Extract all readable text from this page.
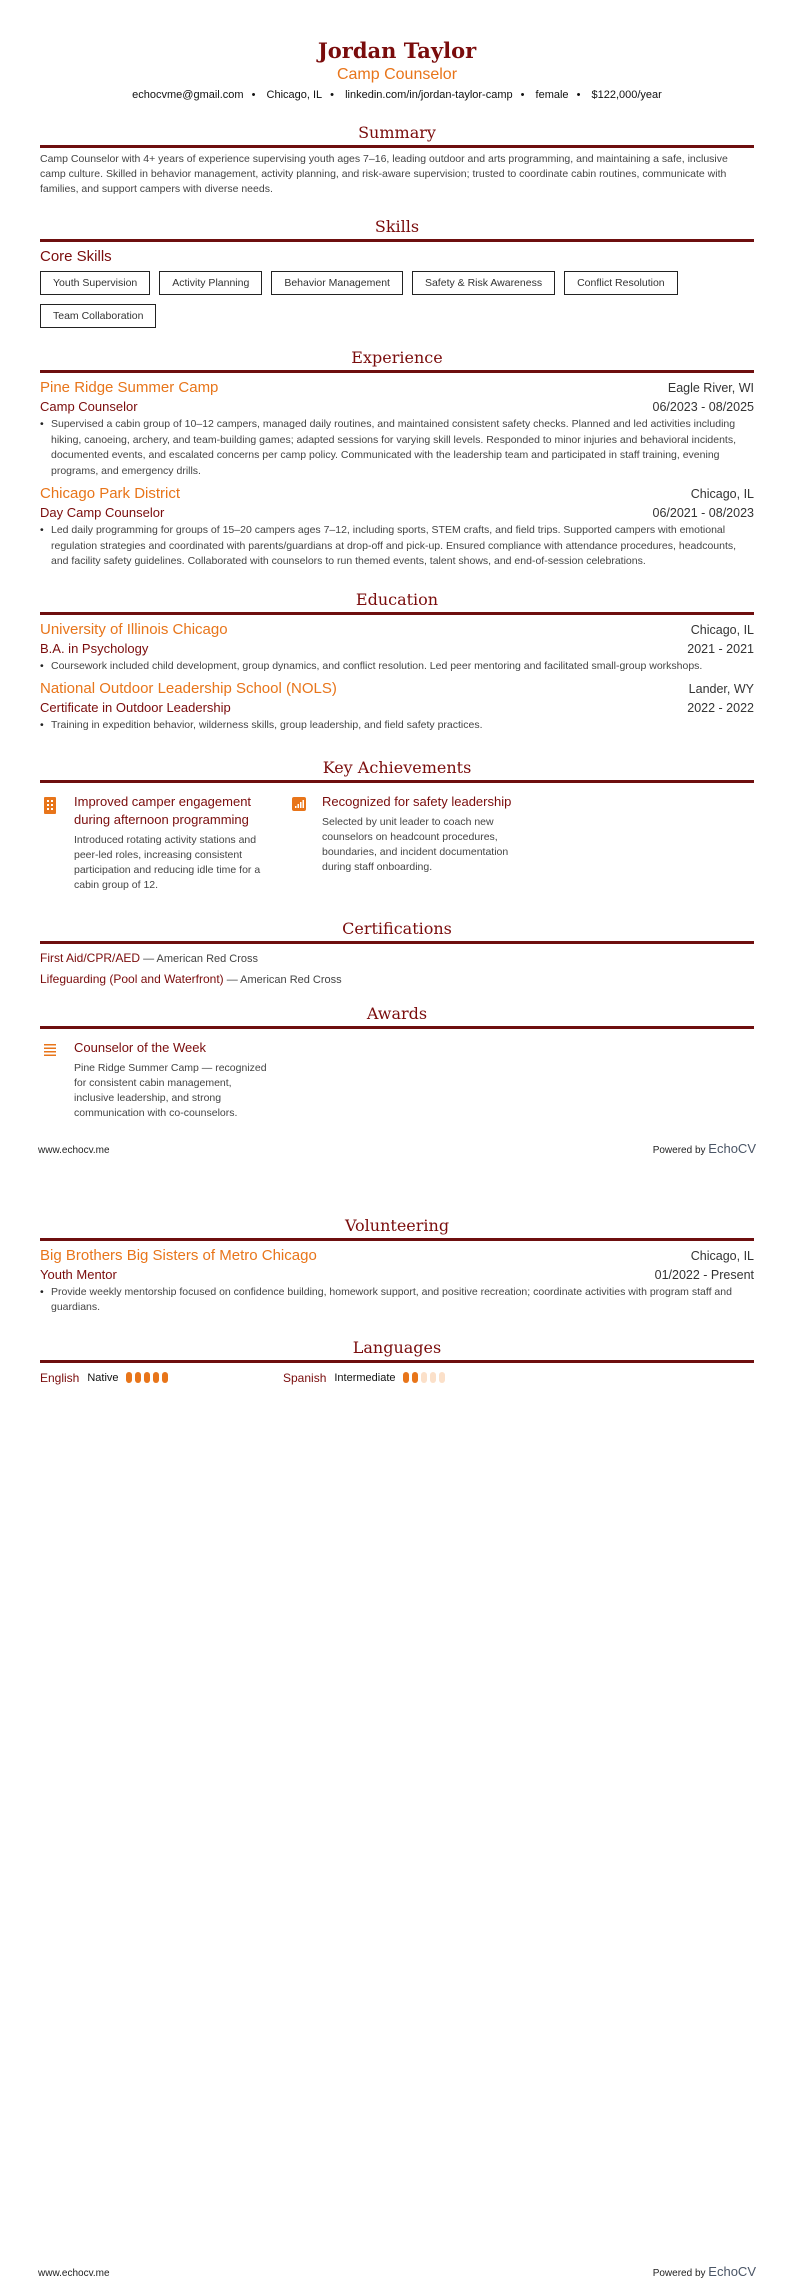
Jordan Taylor
Camp Counselor
echocvme@gmail.com • Chicago, IL • linkedin.com/in/jordan-taylor-camp • female • $122,000/year
Summary

Camp Counselor with 4+ years of experience supervising youth ages 7–16, leading outdoor and arts programming, and maintaining a safe, inclusive camp culture. Skilled in behavior management, activity planning, and risk-aware supervision; trusted to coordinate cabin routines, communicate with families, and support campers with diverse needs.

Skills
Core Skills
Youth Supervision	Activity Planning	Behavior Management	Safety & Risk Awareness	Conflict Resolution
Team Collaboration
Experience
Pine Ridge Summer Camp	Eagle River, WI
Camp Counselor	06/2023 - 08/2025
• Supervised a cabin group of 10–12 campers, managed daily routines, and maintained consistent safety checks. Planned and led activities including hiking, canoeing, archery, and team-building games; adapted sessions for varying skill levels. Responded to minor injuries and behavioral incidents, documented events, and escalated concerns per camp policy. Communicated with the leadership team and participated in staff training, evening programs, and emergency drills.
Chicago Park District	Chicago, IL
Day Camp Counselor	06/2021 - 08/2023
• Led daily programming for groups of 15–20 campers ages 7–12, including sports, STEM crafts, and field trips. Supported campers with emotional regulation strategies and coordinated with parents/guardians at drop-off and pick-up. Ensured compliance with attendance procedures, headcounts, and facility safety guidelines. Collaborated with counselors to run themed events, talent shows, and end-of-session celebrations.
Education
University of Illinois Chicago	Chicago, IL
B.A. in Psychology	2021 - 2021
• Coursework included child development, group dynamics, and conflict resolution. Led peer mentoring and facilitated small-group workshops.
National Outdoor Leadership School (NOLS)	Lander, WY
Certificate in Outdoor Leadership	2022 - 2022
• Training in expedition behavior, wilderness skills, group leadership, and field safety practices.
Key Achievements
Improved camper engagement during afternoon programming
Introduced rotating activity stations and peer-led roles, increasing consistent participation and reducing idle time for a cabin group of 12.
Recognized for safety leadership
Selected by unit leader to coach new counselors on headcount procedures, boundaries, and incident documentation during staff onboarding.
Certifications
First Aid/CPR/AED — American Red Cross
Lifeguarding (Pool and Waterfront) — American Red Cross
Awards
Counselor of the Week
Pine Ridge Summer Camp — recognized for consistent cabin management, inclusive leadership, and strong communication with co-counselors.
www.echocv.me	Powered by EchoCV
Volunteering
Big Brothers Big Sisters of Metro Chicago	Chicago, IL
Youth Mentor	01/2022 - Present
• Provide weekly mentorship focused on confidence building, homework support, and positive recreation; coordinate activities with program staff and guardians.
Languages
English Native	Spanish Intermediate
www.echocv.me	Powered by EchoCV
